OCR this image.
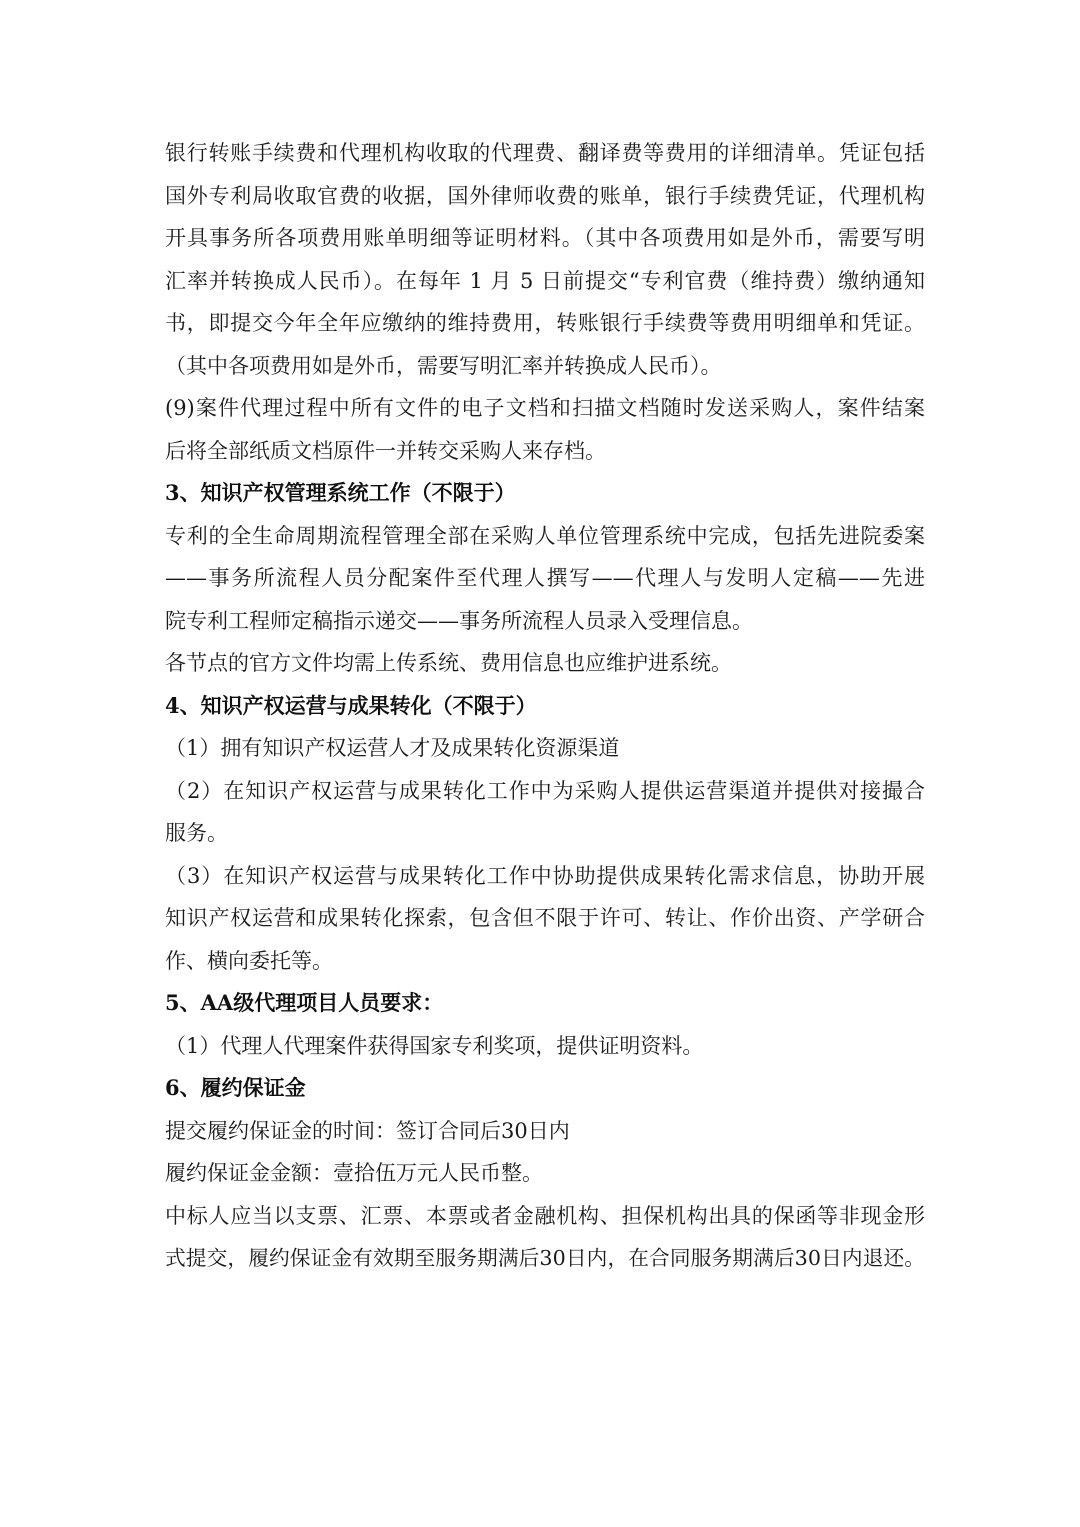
银行转账手续费和代理机构收取的代理费、翻译费等费用的详细清单。凭证包括
国外专利局收取官费的收据，国外律师收费的账单，银行手续费凭证，代理机构
开具事务所各项费用账单明细等证明材料。（其中各项费用如是外币，需要写明
汇率并转换成人民币）。在每年 1 月 5 日前提交“专利官费（维持费）缴纳通知
书，即提交今年全年应缴纳的维持费用，转账银行手续费等费用明细单和凭证。
（其中各项费用如是外币，需要写明汇率并转换成人民币）。
(9)案件代理过程中所有文件的电子文档和扫描文档随时发送采购人，案件结案
后将全部纸质文档原件一并转交采购人来存档。
3、知识产权管理系统工作（不限于）
专利的全生命周期流程管理全部在采购人单位管理系统中完成，包括先进院委案
——事务所流程人员分配案件至代理人撰写——代理人与发明人定稿——先进
院专利工程师定稿指示递交——事务所流程人员录入受理信息。
各节点的官方文件均需上传系统、费用信息也应维护进系统。
4、知识产权运营与成果转化（不限于）
（1）拥有知识产权运营人才及成果转化资源渠道
（2）在知识产权运营与成果转化工作中为采购人提供运营渠道并提供对接撮合
服务。
（3）在知识产权运营与成果转化工作中协助提供成果转化需求信息，协助开展
知识产权运营和成果转化探索，包含但不限于许可、转让、作价出资、产学研合
作、横向委托等。
5、AA级代理项目人员要求：
（1）代理人代理案件获得国家专利奖项，提供证明资料。
6、履约保证金
提交履约保证金的时间：签订合同后30日内
履约保证金金额：壹拾伍万元人民币整。
中标人应当以支票、汇票、本票或者金融机构、担保机构出具的保函等非现金形
式提交，履约保证金有效期至服务期满后30日内，在合同服务期满后30日内退还。
